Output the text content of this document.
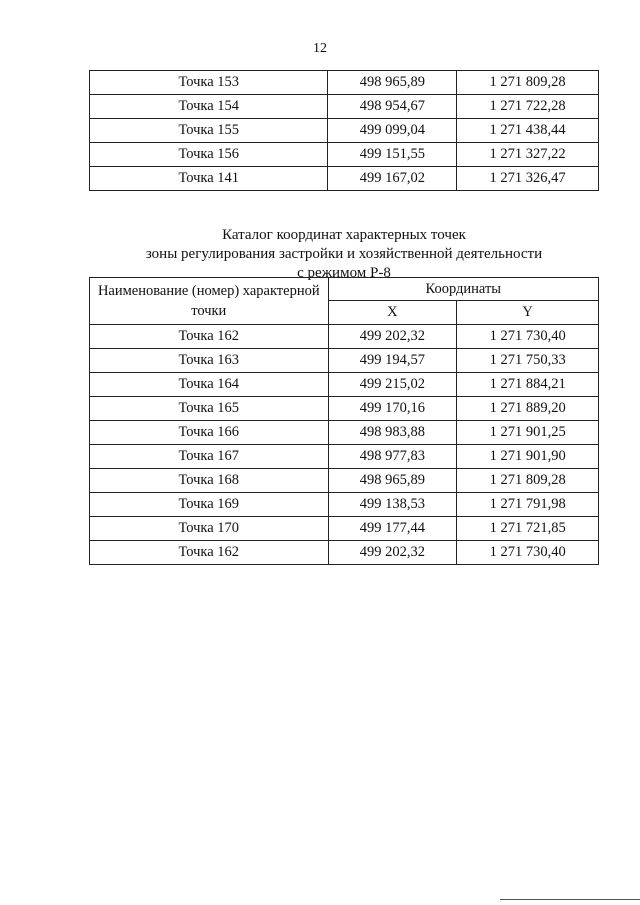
12
Точка 153	498 965,89	1 271 809,28
Точка 154	498 954,67	1 271 722,28
Точка 155	499 099,04	1 271 438,44
Точка 156	499 151,55	1 271 327,22
Точка 141	499 167,02	1 271 326,47
Каталог координат характерных точек
зоны регулирования застройки и хозяйственной деятельности
с режимом Р-8
Наименование (номер) характерной точки	Координаты	
	X	Y
Точка 162	499 202,32	1 271 730,40
Точка 163	499 194,57	1 271 750,33
Точка 164	499 215,02	1 271 884,21
Точка 165	499 170,16	1 271 889,20
Точка 166	498 983,88	1 271 901,25
Точка 167	498 977,83	1 271 901,90
Точка 168	498 965,89	1 271 809,28
Точка 169	499 138,53	1 271 791,98
Точка 170	499 177,44	1 271 721,85
Точка 162	499 202,32	1 271 730,40
